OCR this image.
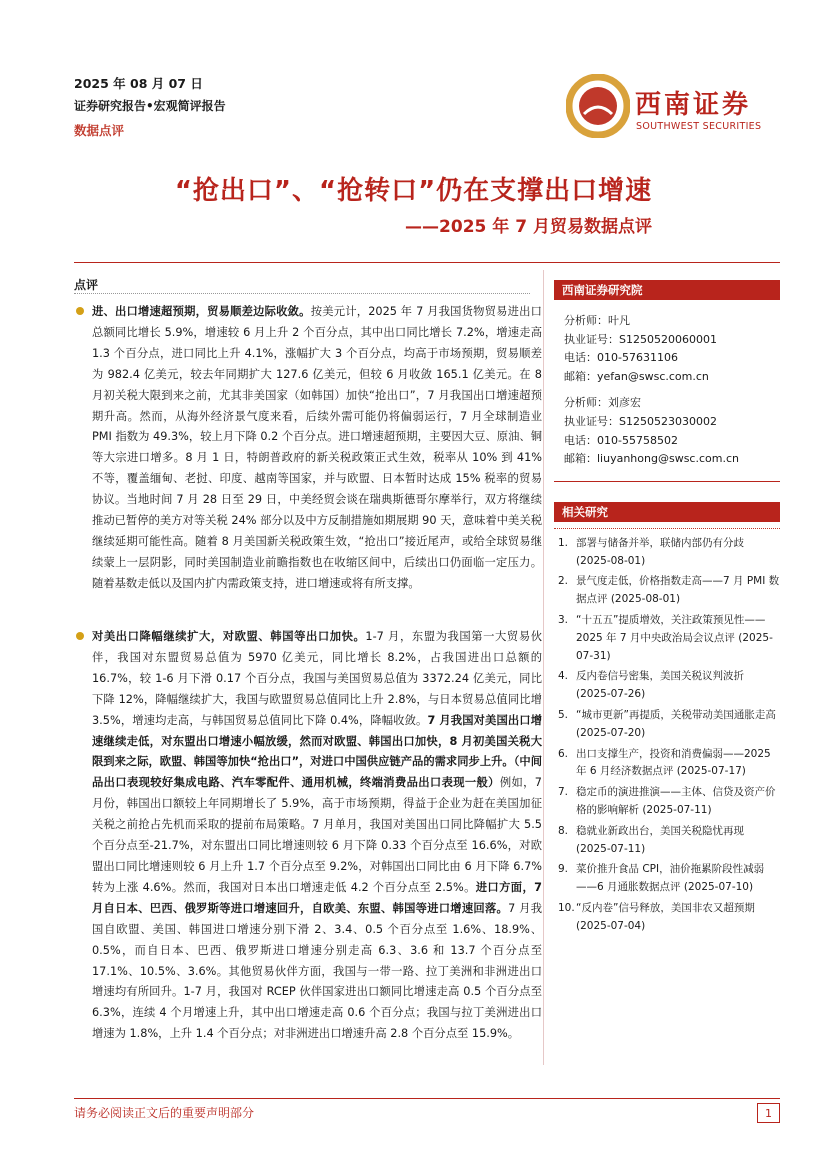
2025 年 08 月 07 日
证券研究报告•宏观简评报告
数据点评
西南证券
SOUTHWEST SECURITIES
“抢出口”、“抢转口”仍在支撑出口增速
——2025 年 7 月贸易数据点评
点评

进、出口增速超预期，贸易顺差边际收敛。按美元计，2025 年 7 月我国货物贸易进出口总额同比增长 5.9%，增速较 6 月上升 2 个百分点，其中出口同比增长 7.2%，增速走高 1.3 个百分点，进口同比上升 4.1%，涨幅扩大 3 个百分点，均高于市场预期，贸易顺差为 982.4 亿美元，较去年同期扩大 127.6 亿美元，但较 6 月收敛 165.1 亿美元。在 8 月初关税大限到来之前，尤其非美国家（如韩国）加快“抢出口”，7 月我国出口增速超预期升高。然而，从海外经济景气度来看，后续外需可能仍将偏弱运行，7 月全球制造业 PMI 指数为 49.3%，较上月下降 0.2 个百分点。进口增速超预期，主要因大豆、原油、铜等大宗进口增多。8 月 1 日，特朗普政府的新关税政策正式生效，税率从 10% 到 41% 不等，覆盖缅甸、老挝、印度、越南等国家，并与欧盟、日本暂时达成 15% 税率的贸易协议。当地时间 7 月 28 日至 29 日，中美经贸会谈在瑞典斯德哥尔摩举行，双方将继续推动已暂停的美方对等关税 24% 部分以及中方反制措施如期展期 90 天，意味着中美关税继续延期可能性高。随着 8 月美国新关税政策生效，“抢出口”接近尾声，或给全球贸易继续蒙上一层阴影，同时美国制造业前瞻指数也在收缩区间中，后续出口仍面临一定压力。随着基数走低以及国内扩内需政策支持，进口增速或将有所支撑。

对美出口降幅继续扩大，对欧盟、韩国等出口加快。1-7 月，东盟为我国第一大贸易伙伴，我国对东盟贸易总值为 5970 亿美元，同比增长 8.2%，占我国进出口总额的 16.7%，较 1-6 月下滑 0.17 个百分点，我国与美国贸易总值为 3372.24 亿美元，同比下降 12%，降幅继续扩大，我国与欧盟贸易总值同比上升 2.8%，与日本贸易总值同比增 3.5%，增速均走高，与韩国贸易总值同比下降 0.4%，降幅收敛。7 月我国对美国出口增速继续走低，对东盟出口增速小幅放缓，然而对欧盟、韩国出口加快，8 月初美国关税大限到来之际，欧盟、韩国等加快“抢出口”，对进口中国供应链产品的需求同步上升。（中间品出口表现较好集成电路、汽车零配件、通用机械，终端消费品出口表现一般）例如，7 月份，韩国出口额较上年同期增长了 5.9%，高于市场预期，得益于企业为赶在美国加征关税之前抢占先机而采取的提前布局策略。7 月单月，我国对美国出口同比降幅扩大 5.5 个百分点至-21.7%，对东盟出口同比增速则较 6 月下降 0.33 个百分点至 16.6%，对欧盟出口同比增速则较 6 月上升 1.7 个百分点至 9.2%，对韩国出口同比由 6 月下降 6.7% 转为上涨 4.6%。然而，我国对日本出口增速走低 4.2 个百分点至 2.5%。进口方面，7 月自日本、巴西、俄罗斯等进口增速回升，自欧美、东盟、韩国等进口增速回落。7 月我国自欧盟、美国、韩国进口增速分别下滑 2、3.4、0.5 个百分点至 1.6%、18.9%、0.5%，而自日本、巴西、俄罗斯进口增速分别走高 6.3、3.6 和 13.7 个百分点至 17.1%、10.5%、3.6%。其他贸易伙伴方面，我国与一带一路、拉丁美洲和非洲进出口增速均有所回升。1-7 月，我国对 RCEP 伙伴国家进出口额同比增速走高 0.5 个百分点至 6.3%，连续 4 个月增速上升，其中出口增速走高 0.6 个百分点；我国与拉丁美洲进出口增速为 1.8%，上升 1.4 个百分点；对非洲进出口增速升高 2.8 个百分点至 15.9%。

西南证券研究院
分析师：叶凡
执业证号：S1250520060001
电话：010-57631106
邮箱：yefan@swsc.com.cn
分析师：刘彦宏
执业证号：S1250523030002
电话：010-55758502
邮箱：liuyanhong@swsc.com.cn
相关研究
1. 部署与储备并举，联储内部仍有分歧 (2025-08-01)
2. 景气度走低，价格指数走高——7 月 PMI 数据点评 (2025-08-01)
3. “十五五”提质增效，关注政策预见性——2025 年 7 月中央政治局会议点评 (2025-07-31)
4. 反内卷信号密集，美国关税议判波折 (2025-07-26)
5. “城市更新”再提质，关税带动美国通胀走高 (2025-07-20)
6. 出口支撑生产，投资和消费偏弱——2025 年 6 月经济数据点评 (2025-07-17)
7. 稳定币的演进推演——主体、信贷及资产价格的影响解析 (2025-07-11)
8. 稳就业新政出台，美国关税隐忧再现 (2025-07-11)
9. 菜价推升食品 CPI，油价拖累阶段性减弱——6 月通胀数据点评 (2025-07-10)
10. “反内卷”信号释放，美国非农又超预期 (2025-07-04)
请务必阅读正文后的重要声明部分	1
